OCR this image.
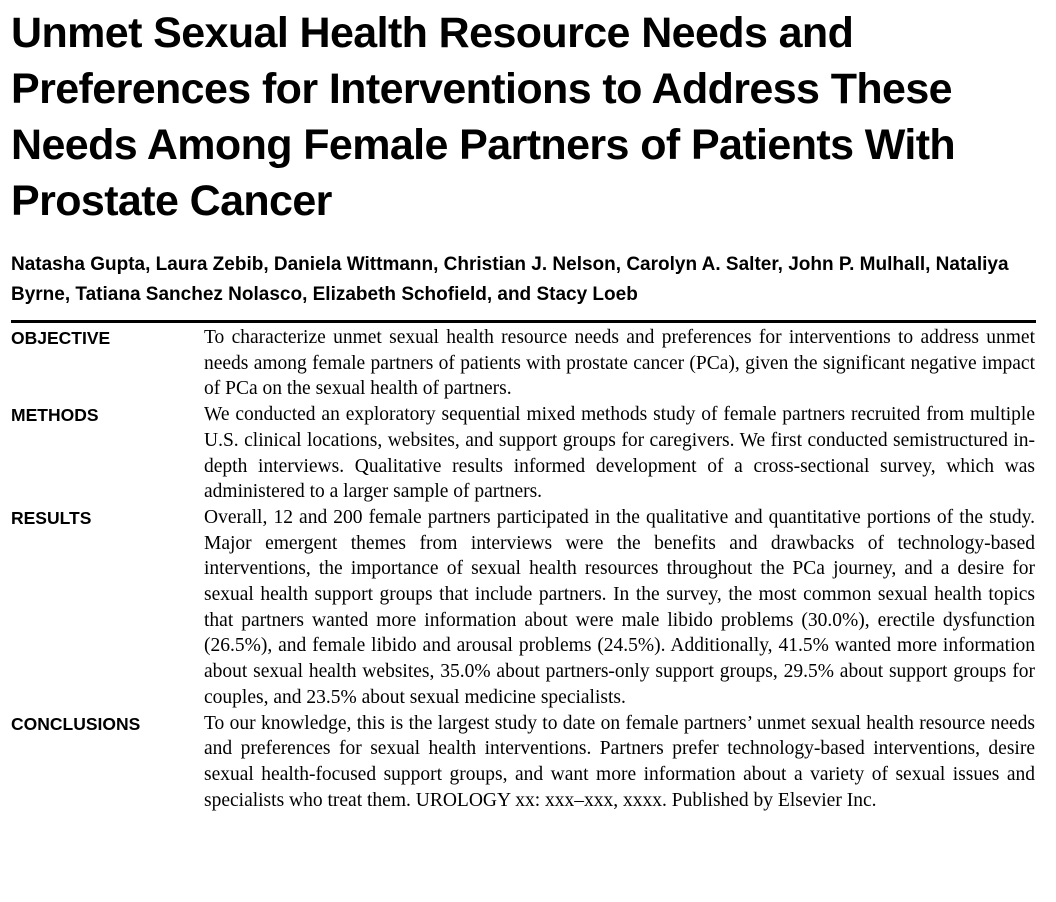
Unmet Sexual Health Resource Needs and Preferences for Interventions to Address These Needs Among Female Partners of Patients With Prostate Cancer
Natasha Gupta, Laura Zebib, Daniela Wittmann, Christian J. Nelson, Carolyn A. Salter, John P. Mulhall, Nataliya Byrne, Tatiana Sanchez Nolasco, Elizabeth Schofield, and Stacy Loeb
OBJECTIVE	To characterize unmet sexual health resource needs and preferences for interventions to address unmet needs among female partners of patients with prostate cancer (PCa), given the significant negative impact of PCa on the sexual health of partners.
METHODS	We conducted an exploratory sequential mixed methods study of female partners recruited from multiple U.S. clinical locations, websites, and support groups for caregivers. We first conducted semistructured in-depth interviews. Qualitative results informed development of a cross-sectional survey, which was administered to a larger sample of partners.
RESULTS	Overall, 12 and 200 female partners participated in the qualitative and quantitative portions of the study. Major emergent themes from interviews were the benefits and drawbacks of technology-based interventions, the importance of sexual health resources throughout the PCa journey, and a desire for sexual health support groups that include partners. In the survey, the most common sexual health topics that partners wanted more information about were male libido problems (30.0%), erectile dysfunction (26.5%), and female libido and arousal problems (24.5%). Additionally, 41.5% wanted more information about sexual health websites, 35.0% about partners-only support groups, 29.5% about support groups for couples, and 23.5% about sexual medicine specialists.
CONCLUSIONS	To our knowledge, this is the largest study to date on female partners’ unmet sexual health resource needs and preferences for sexual health interventions. Partners prefer technology-based interventions, desire sexual health-focused support groups, and want more information about a variety of sexual issues and specialists who treat them. UROLOGY xx: xxx–xxx, xxxx. Published by Elsevier Inc.
